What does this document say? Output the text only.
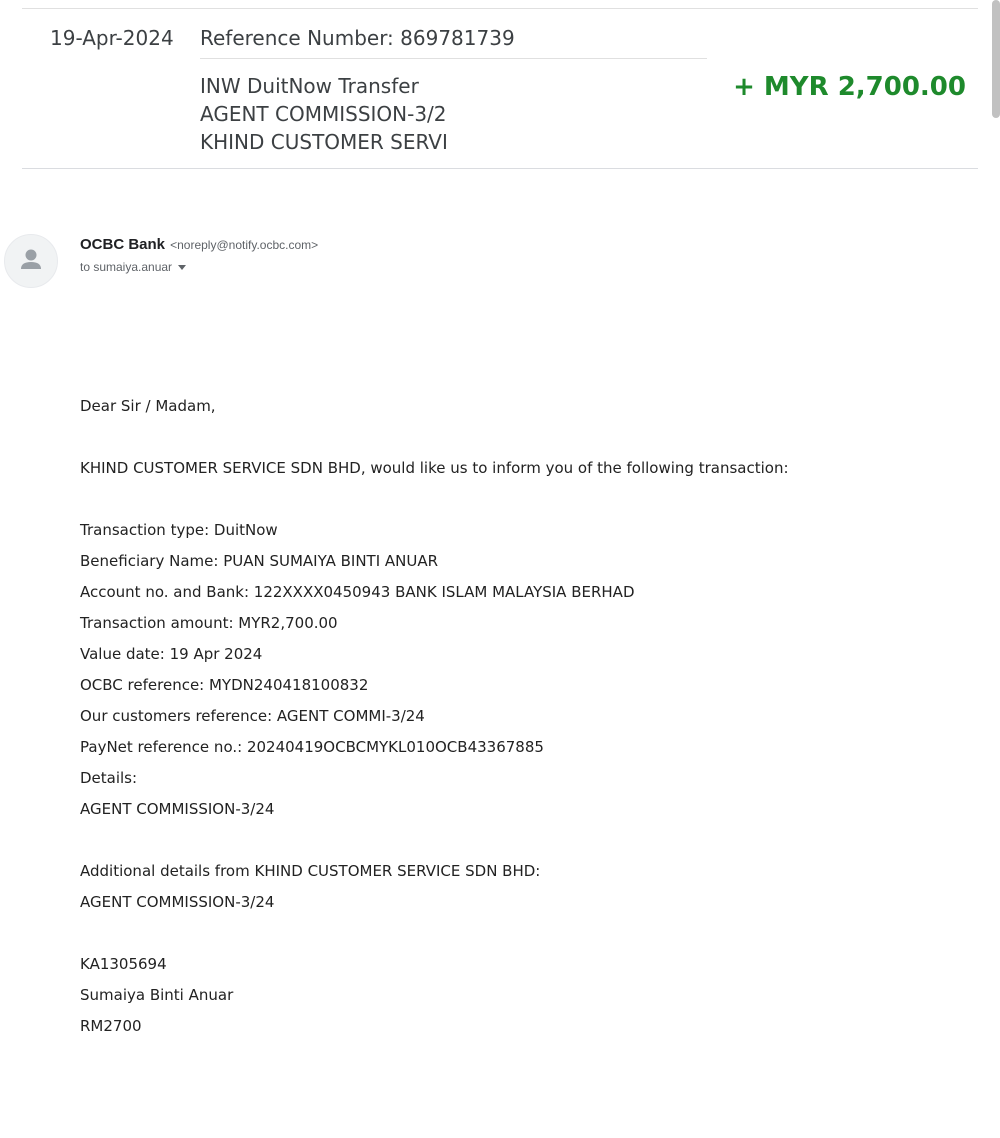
19-Apr-2024 Reference Number: 869781739
INW DuitNow Transfer
AGENT COMMISSION-3/2
KHIND CUSTOMER SERVI
+ MYR 2,700.00
OCBC Bank <noreply@notify.ocbc.com>
to sumaiya.anuar
Dear Sir / Madam,
KHIND CUSTOMER SERVICE SDN BHD, would like us to inform you of the following transaction:
Transaction type: DuitNow
Beneficiary Name: PUAN SUMAIYA BINTI ANUAR
Account no. and Bank: 122XXXX0450943 BANK ISLAM MALAYSIA BERHAD
Transaction amount: MYR2,700.00
Value date: 19 Apr 2024
OCBC reference: MYDN240418100832
Our customers reference: AGENT COMMI-3/24
PayNet reference no.: 20240419OCBCMYKL010OCB43367885
Details:
AGENT COMMISSION-3/24
Additional details from KHIND CUSTOMER SERVICE SDN BHD:
AGENT COMMISSION-3/24
KA1305694
Sumaiya Binti Anuar
RM2700
